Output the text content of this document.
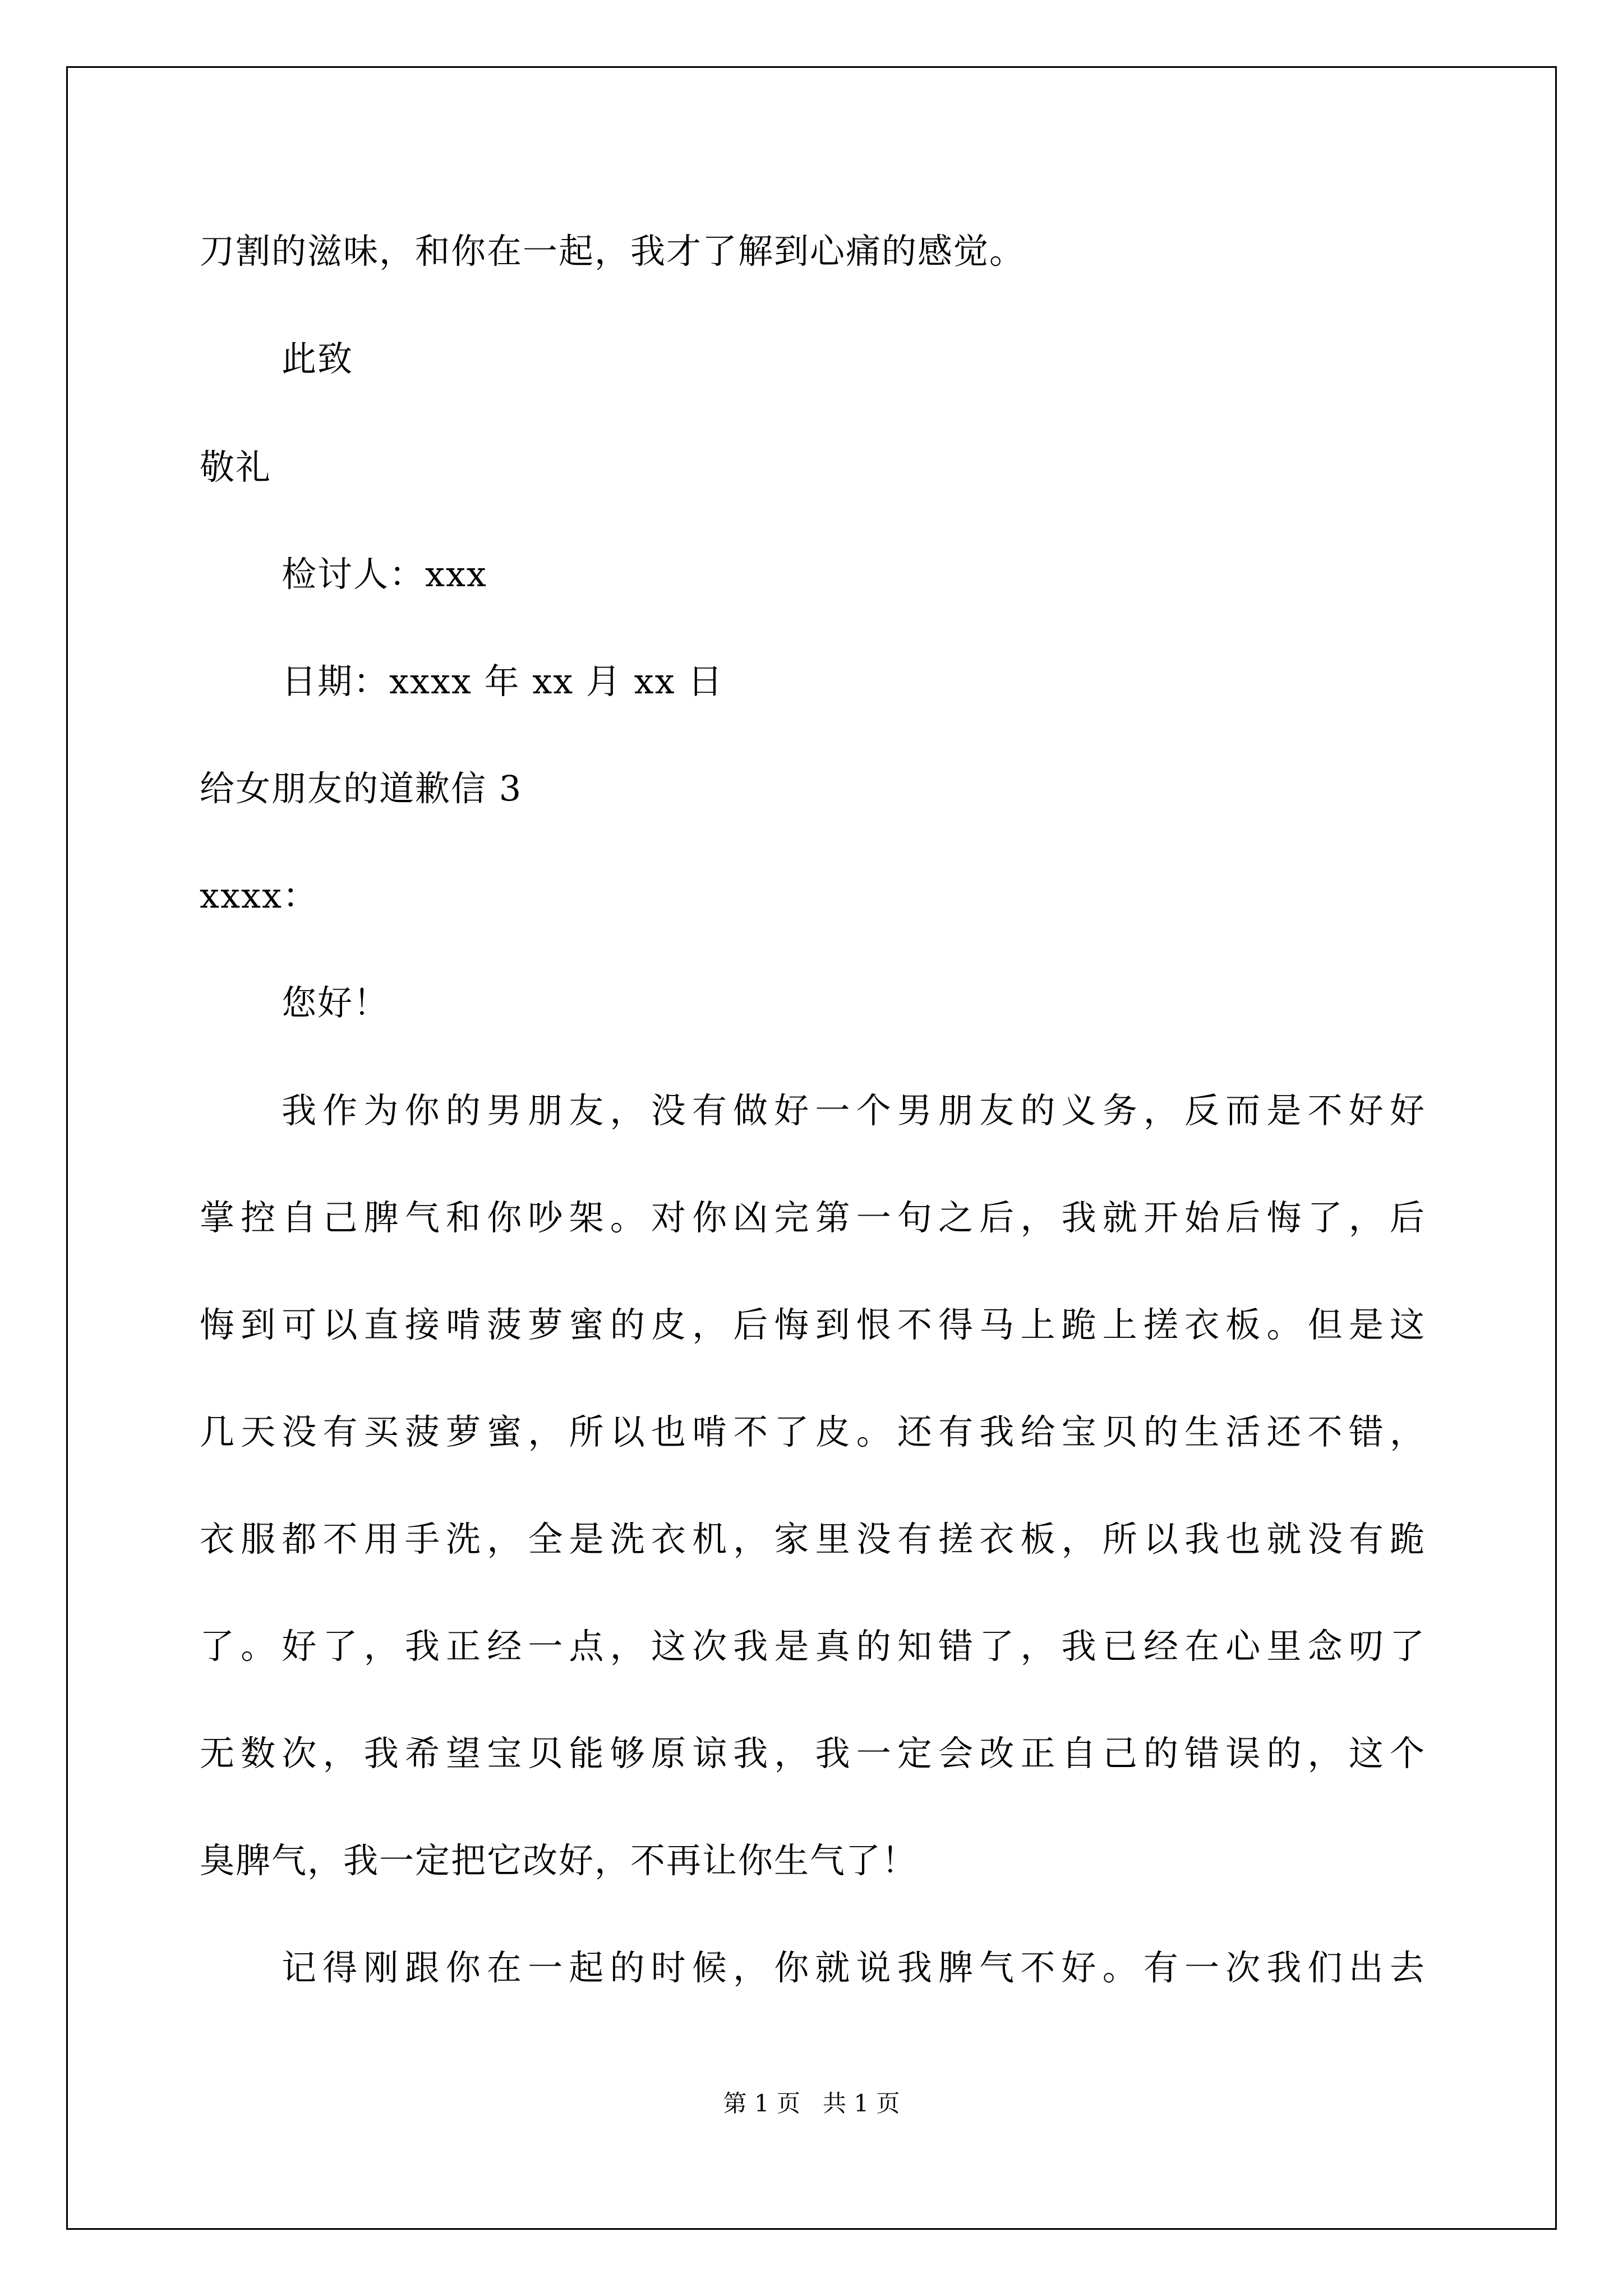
刀割的滋味，和你在一起，我才了解到心痛的感觉。
此致
敬礼
检讨人：xxx
日期：xxxx 年 xx 月 xx 日
给女朋友的道歉信 3
xxxx：
您好！
我作为你的男朋友，没有做好一个男朋友的义务，反而是不好好
掌控自己脾气和你吵架。对你凶完第一句之后，我就开始后悔了，后
悔到可以直接啃菠萝蜜的皮，后悔到恨不得马上跪上搓衣板。但是这
几天没有买菠萝蜜，所以也啃不了皮。还有我给宝贝的生活还不错，
衣服都不用手洗，全是洗衣机，家里没有搓衣板，所以我也就没有跪
了。好了，我正经一点，这次我是真的知错了，我已经在心里念叨了
无数次，我希望宝贝能够原谅我，我一定会改正自己的错误的，这个
臭脾气，我一定把它改好，不再让你生气了！
记得刚跟你在一起的时候，你就说我脾气不好。有一次我们出去
第 1 页   共 1 页
